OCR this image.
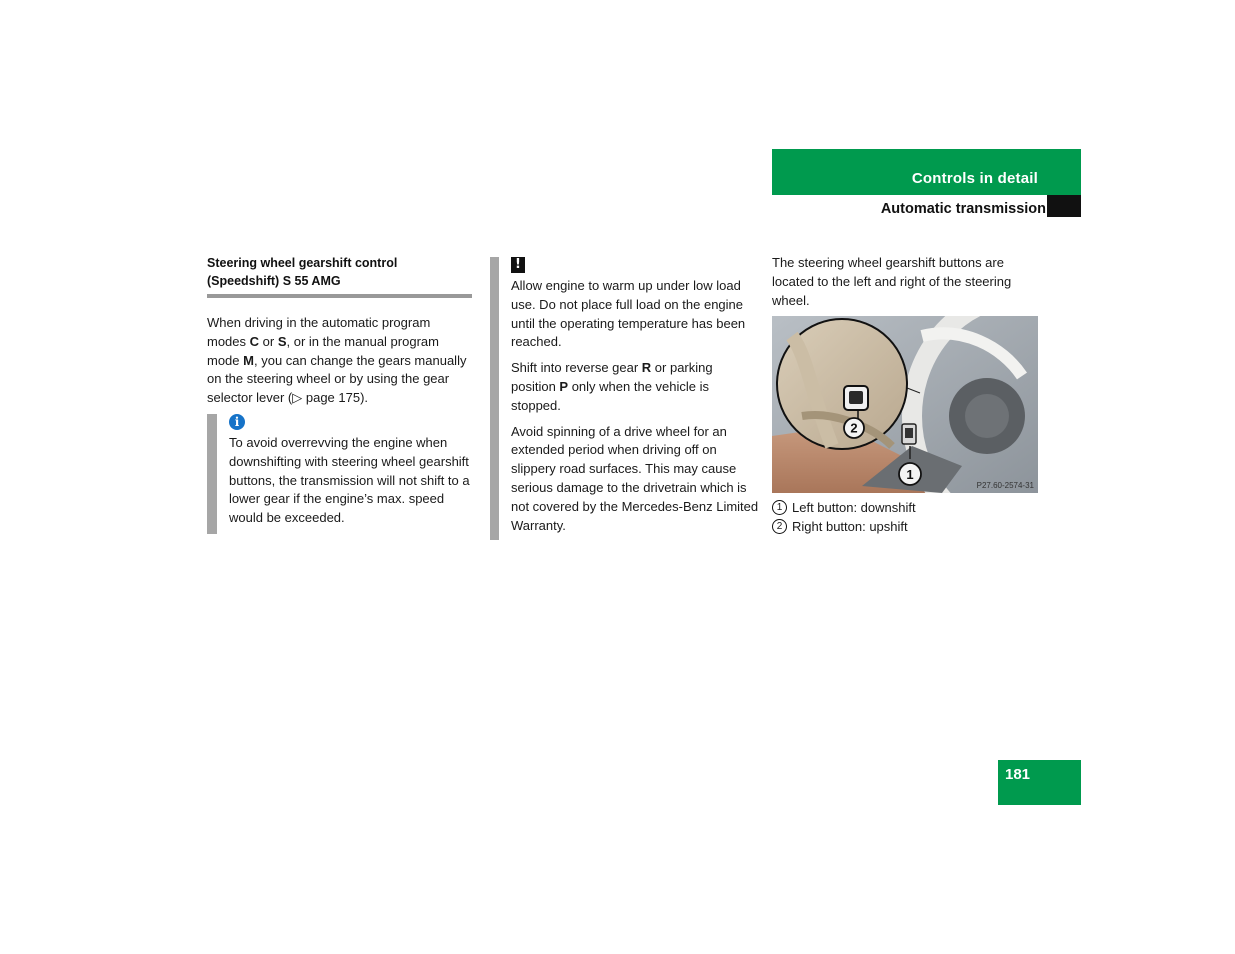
Controls in detail
Automatic transmission
Steering wheel gearshift control (Speedshift) S 55 AMG

When driving in the automatic program modes C or S, or in the manual program mode M, you can change the gears manually on the steering wheel or by using the gear selector lever (▷ page 175).

i
To avoid overrevving the engine when downshifting with steering wheel gearshift buttons, the transmission will not shift to a lower gear if the engine’s max. speed would be exceeded.
!

Allow engine to warm up under low load use. Do not place full load on the engine until the operating temperature has been reached.

Shift into reverse gear R or parking position P only when the vehicle is stopped.

Avoid spinning of a drive wheel for an extended period when driving off on slippery road surfaces. This may cause serious damage to the drivetrain which is not covered by the Mercedes-Benz Limited Warranty.

The steering wheel gearshift buttons are located to the left and right of the steering wheel.

2
1
P27.60-2574-31
1 Left button: downshift
2 Right button: upshift
181
